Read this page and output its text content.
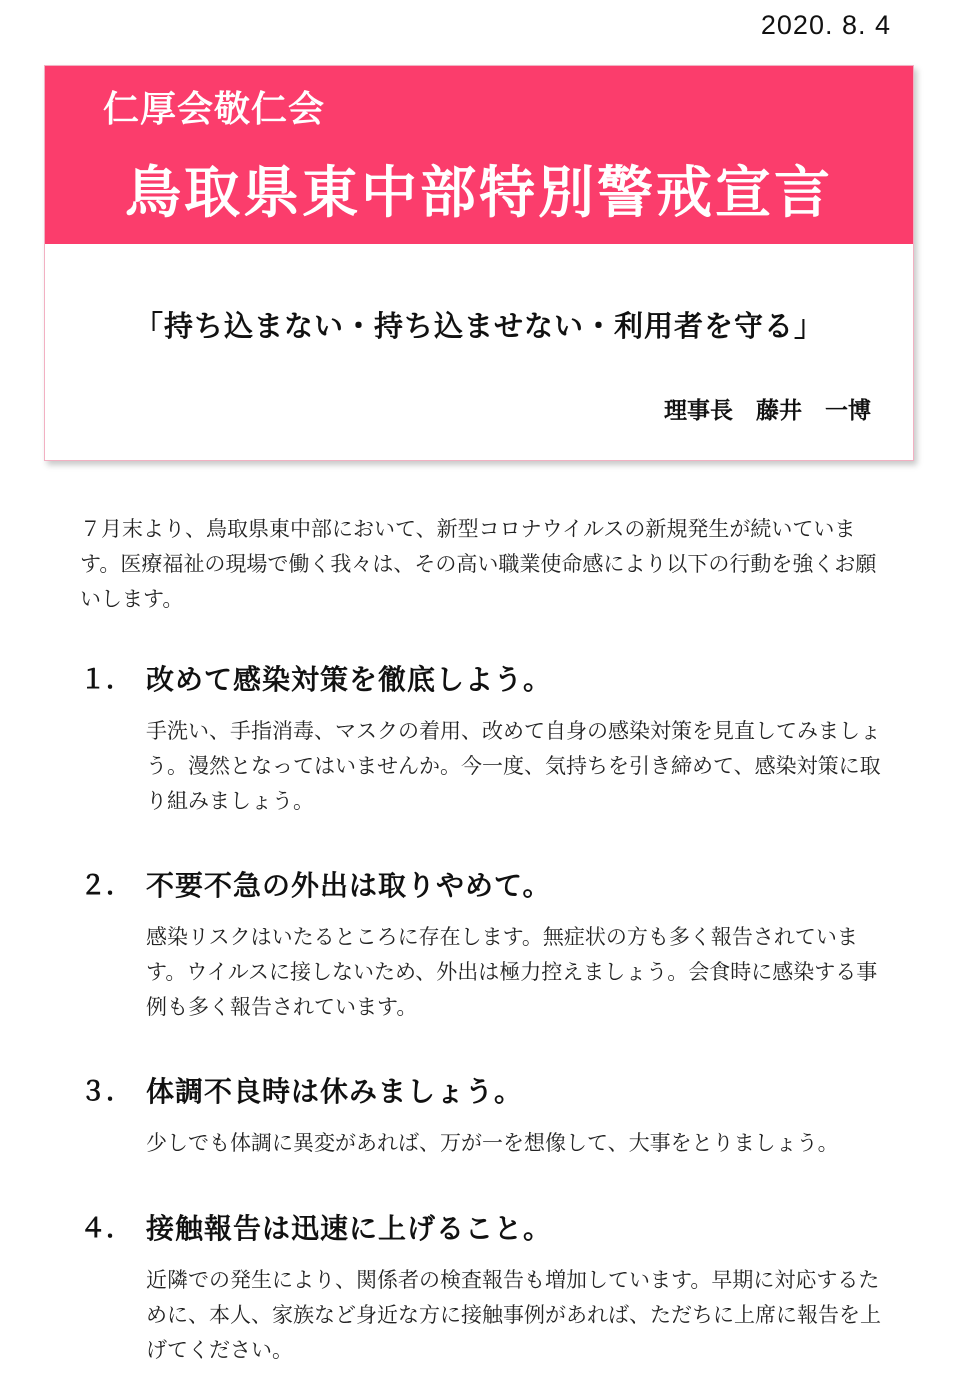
2020. 8. 4
仁厚会敬仁会
鳥取県東中部特別警戒宣言
「持ち込まない・持ち込ませない・利用者を守る」
理事長　藤井　一博
７月末より、鳥取県東中部において、新型コロナウイルスの新規発生が続いています。医療福祉の現場で働く我々は、その高い職業使命感により以下の行動を強くお願いします。
１． 改めて感染対策を徹底しよう。
手洗い、手指消毒、マスクの着用、改めて自身の感染対策を見直してみましょう。漫然となってはいませんか。今一度、気持ちを引き締めて、感染対策に取り組みましょう。
２． 不要不急の外出は取りやめて。
感染リスクはいたるところに存在します。無症状の方も多く報告されています。ウイルスに接しないため、外出は極力控えましょう。会食時に感染する事例も多く報告されています。
３． 体調不良時は休みましょう。
少しでも体調に異変があれば、万が一を想像して、大事をとりましょう。
４． 接触報告は迅速に上げること。
近隣での発生により、関係者の検査報告も増加しています。早期に対応するために、本人、家族など身近な方に接触事例があれば、ただちに上席に報告を上げてください。
